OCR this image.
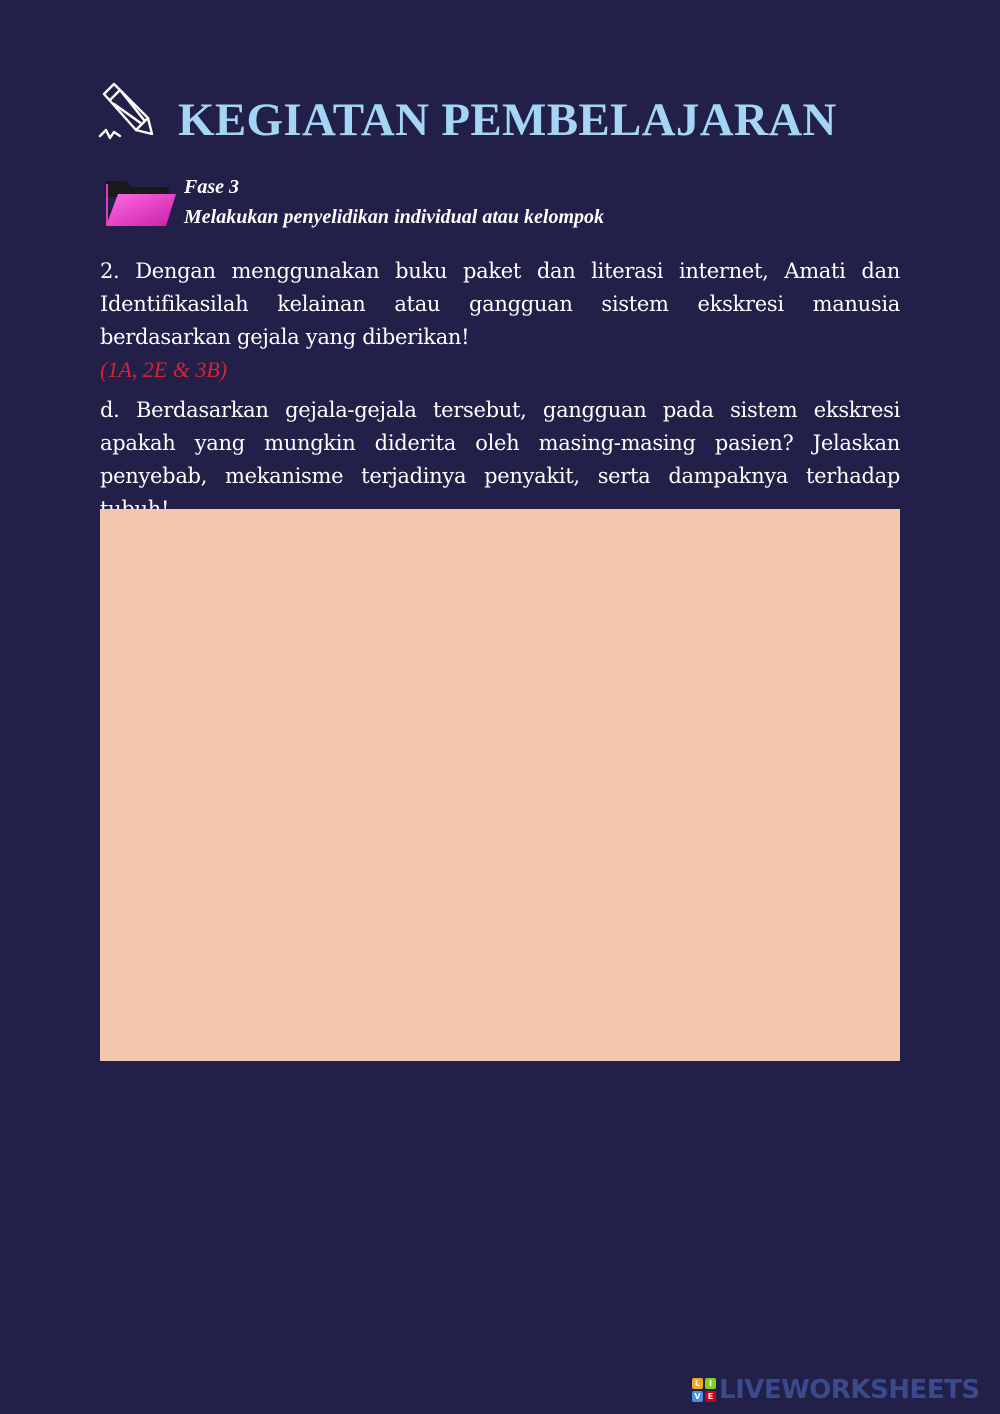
KEGIATAN PEMBELAJARAN
Fase 3
Melakukan penyelidikan individual atau kelompok

2. Dengan menggunakan buku paket dan literasi internet, Amati dan Identifikasilah kelainan atau gangguan sistem ekskresi manusia berdasarkan gejala yang diberikan!

(1A, 2E & 3B)

d. Berdasarkan gejala-gejala tersebut, gangguan pada sistem ekskresi apakah yang mungkin diderita oleh masing-masing pasien? Jelaskan penyebab, mekanisme terjadinya penyakit, serta dampaknya terhadap

L	I
V E LIVEWORKSHEETS
